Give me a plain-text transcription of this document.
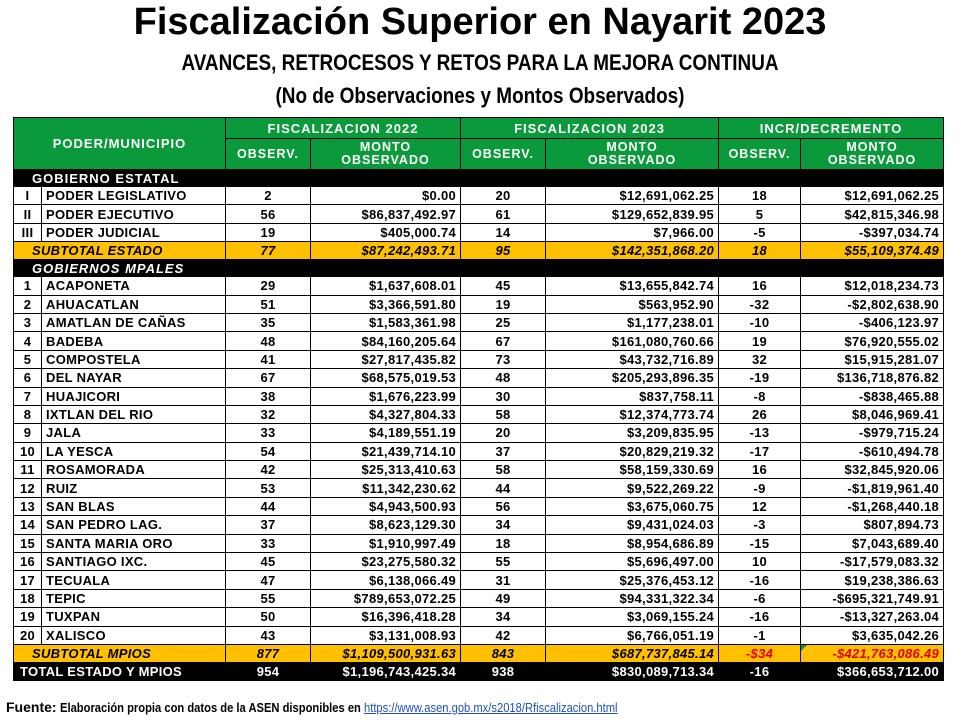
Fiscalización Superior en Nayarit 2023
AVANCES, RETROCESOS Y RETOS PARA LA MEJORA CONTINUA
(No de Observaciones y Montos Observados)
PODER/MUNICIPIO		FISCALIZACION 2022		FISCALIZACION 2023		INCR/DECREMENTO	
		OBSERV.	MONTO OBSERVADO	OBSERV.	MONTO OBSERVADO	OBSERV.	MONTO OBSERVADO
GOBIERNO ESTATAL							
I	PODER LEGISLATIVO	2	$0.00	20	$12,691,062.25	18	$12,691,062.25
II	PODER EJECUTIVO	56	$86,837,492.97	61	$129,652,839.95	5	$42,815,346.98
III	PODER JUDICIAL	19	$405,000.74	14	$7,966.00	-5	-$397,034.74
SUBTOTAL ESTADO		77	$87,242,493.71	95	$142,351,868.20	18	$55,109,374.49
GOBIERNOS MPALES							
1	ACAPONETA	29	$1,637,608.01	45	$13,655,842.74	16	$12,018,234.73
2	AHUACATLAN	51	$3,366,591.80	19	$563,952.90	-32	-$2,802,638.90
3	AMATLAN DE CAÑAS	35	$1,583,361.98	25	$1,177,238.01	-10	-$406,123.97
4	BADEBA	48	$84,160,205.64	67	$161,080,760.66	19	$76,920,555.02
5	COMPOSTELA	41	$27,817,435.82	73	$43,732,716.89	32	$15,915,281.07
6	DEL NAYAR	67	$68,575,019.53	48	$205,293,896.35	-19	$136,718,876.82
7	HUAJICORI	38	$1,676,223.99	30	$837,758.11	-8	-$838,465.88
8	IXTLAN DEL RIO	32	$4,327,804.33	58	$12,374,773.74	26	$8,046,969.41
9	JALA	33	$4,189,551.19	20	$3,209,835.95	-13	-$979,715.24
10	LA YESCA	54	$21,439,714.10	37	$20,829,219.32	-17	-$610,494.78
11	ROSAMORADA	42	$25,313,410.63	58	$58,159,330.69	16	$32,845,920.06
12	RUIZ	53	$11,342,230.62	44	$9,522,269.22	-9	-$1,819,961.40
13	SAN BLAS	44	$4,943,500.93	56	$3,675,060.75	12	-$1,268,440.18
14	SAN PEDRO LAG.	37	$8,623,129.30	34	$9,431,024.03	-3	$807,894.73
15	SANTA MARIA ORO	33	$1,910,997.49	18	$8,954,686.89	-15	$7,043,689.40
16	SANTIAGO IXC.	45	$23,275,580.32	55	$5,696,497.00	10	-$17,579,083.32
17	TECUALA	47	$6,138,066.49	31	$25,376,453.12	-16	$19,238,386.63
18	TEPIC	55	$789,653,072.25	49	$94,331,322.34	-6	-$695,321,749.91
19	TUXPAN	50	$16,396,418.28	34	$3,069,155.24	-16	-$13,327,263.04
20	XALISCO	43	$3,131,008.93	42	$6,766,051.19	-1	$3,635,042.26
SUBTOTAL MPIOS		877	$1,109,500,931.63	843	$687,737,845.14	-$34	-$421,763,086.49
TOTAL ESTADO Y MPIOS		954	$1,196,743,425.34	938	$830,089,713.34	-16	$366,653,712.00
Fuente: Elaboración propia con datos de la ASEN disponibles en https://www.asen.gob.mx/s2018/Rfiscalizacion.html
